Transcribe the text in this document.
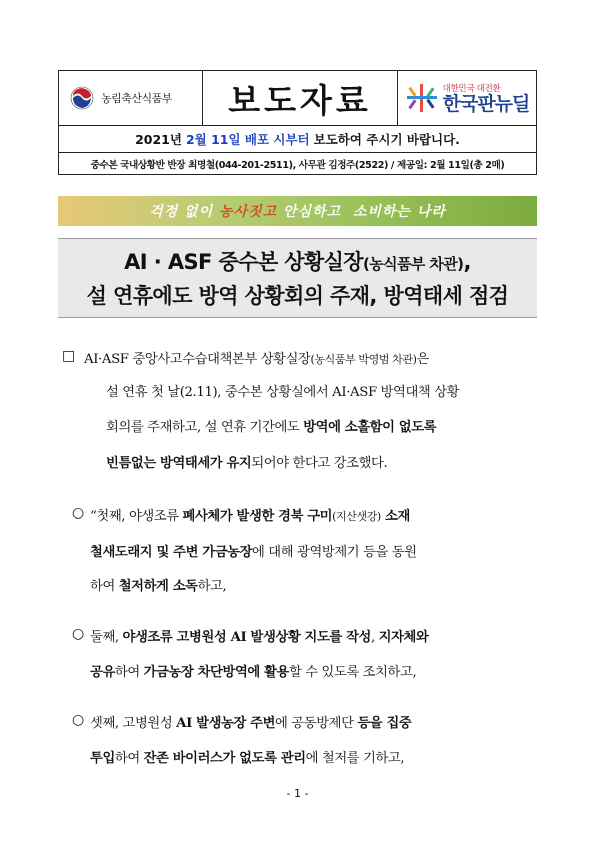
농림축산식품부	보도자료	대한민국 대전환
한국판뉴딜
2021년 2월 11일 배포 시부터 보도하여 주시기 바랍니다.
중수본 국내상황반 반장 최명철(044-201-2511), 사무관 김정주(2522) / 제공일: 2월 11일(총 2매)
걱정 없이
농사짓고
안심하고
소비하는
나라
AI · ASF 중수본 상황실장(농식품부 차관),
설 연휴에도 방역 상황회의 주재, 방역태세 점검
□ AI·ASF 중앙사고수습대책본부 상황실장(농식품부 박영범 차관)은
설 연휴 첫 날(2.11), 중수본 상황실에서 AI·ASF 방역대책 상황
회의를 주재하고, 설 연휴 기간에도 방역에 소홀함이 없도록
빈틈없는 방역태세가 유지되어야 한다고 강조했다.
○ “첫째, 야생조류 폐사체가 발생한 경북 구미(지산샛강) 소재
철새도래지 및 주변 가금농장에 대해 광역방제기 등을 동원
하여 철저하게 소독하고,
○ 둘째, 야생조류 고병원성 AI 발생상황 지도를 작성, 지자체와
공유하여 가금농장 차단방역에 활용할 수 있도록 조치하고,
○ 셋째, 고병원성 AI 발생농장 주변에 공동방제단 등을 집중
투입하여 잔존 바이러스가 없도록 관리에 철저를 기하고,
- 1 -
